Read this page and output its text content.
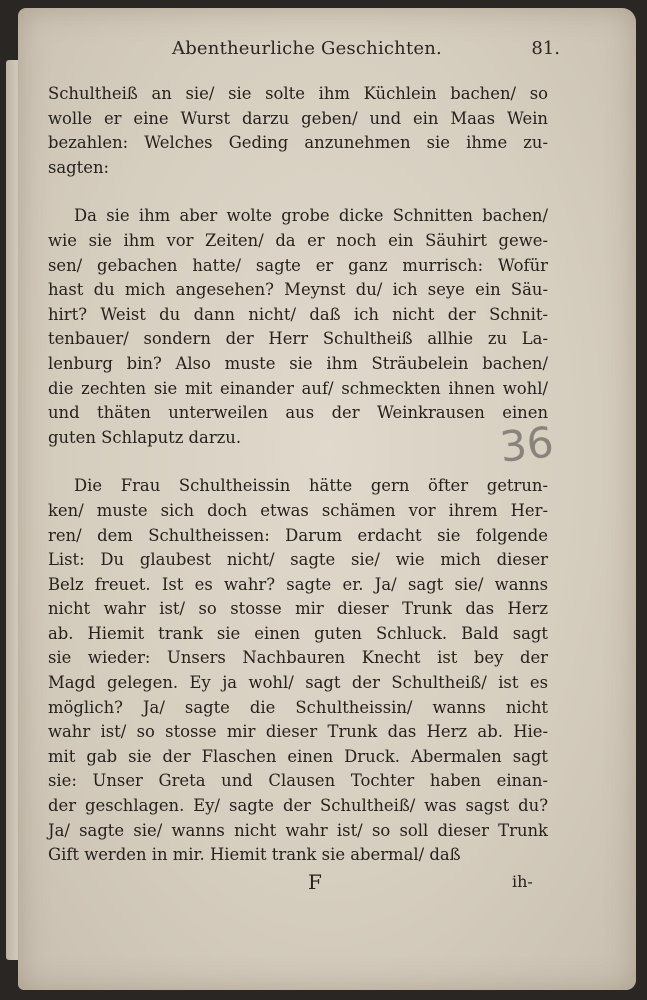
Abentheurliche Geschichten.	81.
36

Schultheiß an sie/ sie solte ihm Küchlein bachen/ so
wolle er eine Wurst darzu geben/ und ein Maas Wein
bezahlen: Welches Geding anzunehmen sie ihme zu-
sagten:

Da sie ihm aber wolte grobe dicke Schnitten bachen/
wie sie ihm vor Zeiten/ da er noch ein Säuhirt gewe-
sen/ gebachen hatte/ sagte er ganz murrisch: Wofür
hast du mich angesehen? Meynst du/ ich seye ein Säu-
hirt? Weist du dann nicht/ daß ich nicht der Schnit-
tenbauer/ sondern der Herr Schultheiß allhie zu La-
lenburg bin? Also muste sie ihm Sträubelein bachen/
die zechten sie mit einander auf/ schmeckten ihnen wohl/
und thäten unterweilen aus der Weinkrausen einen
guten Schlaputz darzu.

Die Frau Schultheissin hätte gern öfter getrun-
ken/ muste sich doch etwas schämen vor ihrem Her-
ren/ dem Schultheissen: Darum erdacht sie folgende
List: Du glaubest nicht/ sagte sie/ wie mich dieser
Belz freuet. Ist es wahr? sagte er. Ja/ sagt sie/ wanns
nicht wahr ist/ so stosse mir dieser Trunk das Herz
ab. Hiemit trank sie einen guten Schluck. Bald sagt
sie wieder: Unsers Nachbauren Knecht ist bey der
Magd gelegen. Ey ja wohl/ sagt der Schultheiß/ ist es
möglich? Ja/ sagte die Schultheissin/ wanns nicht
wahr ist/ so stosse mir dieser Trunk das Herz ab. Hie-
mit gab sie der Flaschen einen Druck. Abermalen sagt
sie: Unser Greta und Clausen Tochter haben einan-
der geschlagen. Ey/ sagte der Schultheiß/ was sagst du?
Ja/ sagte sie/ wanns nicht wahr ist/ so soll dieser Trunk
Gift werden in mir. Hiemit trank sie abermal/ daß

F	ih-
